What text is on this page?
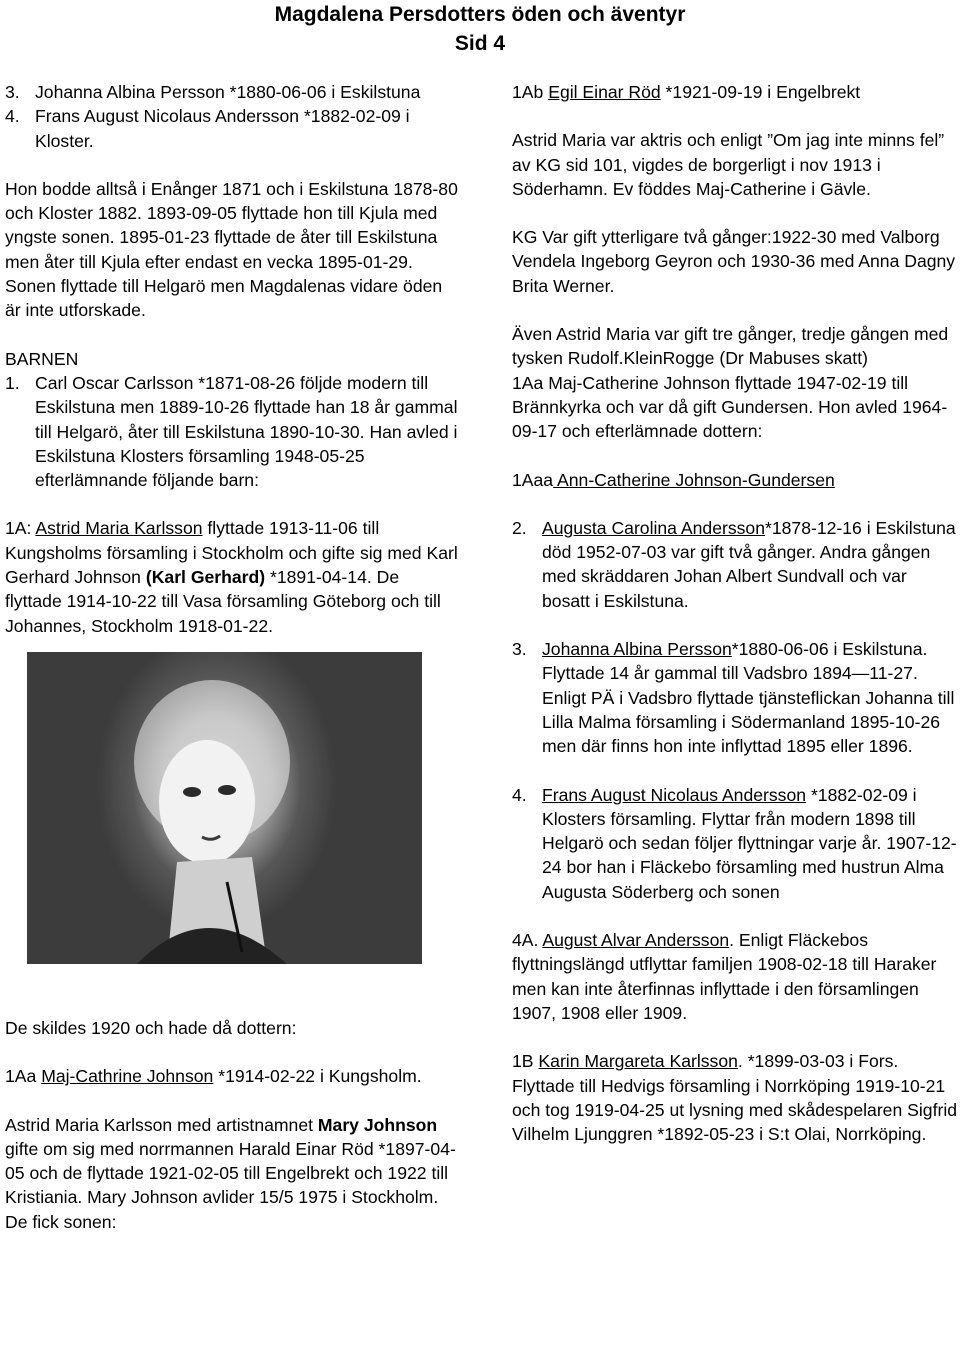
Magdalena Persdotters öden och äventyr
Sid 4

3. Johanna Albina Persson *1880-06-06 i Eskilstuna

4. Frans August Nicolaus Andersson *1882-02-09 i Kloster.

Hon bodde alltså i Enånger 1871 och i Eskilstuna 1878-80 och Kloster 1882. 1893-09-05 flyttade hon till Kjula med yngste sonen. 1895-01-23 flyttade de åter till Eskilstuna men åter till Kjula efter endast en vecka 1895-01-29. Sonen flyttade till Helgarö men Magdalenas vidare öden är inte utforskade.

BARNEN

1. Carl Oscar Carlsson *1871-08-26 följde modern till Eskilstuna men 1889-10-26 flyttade han 18 år gammal till Helgarö, åter till Eskilstuna 1890-10-30. Han avled i Eskilstuna Klosters församling 1948-05-25 efterlämnande följande barn:

1A: Astrid Maria Karlsson flyttade 1913-11-06 till Kungsholms församling i Stockholm och gifte sig med Karl Gerhard Johnson (Karl Gerhard) *1891-04-14. De flyttade 1914-10-22 till Vasa församling Göteborg och till Johannes, Stockholm 1918-01-22.

De skildes 1920 och hade då dottern:

1Aa Maj-Cathrine Johnson *1914-02-22 i Kungsholm.

Astrid Maria Karlsson med artistnamnet Mary Johnson gifte om sig med norrmannen Harald Einar Röd *1897-04-05 och de flyttade 1921-02-05 till Engelbrekt och 1922 till Kristiania. Mary Johnson avlider 15/5 1975 i Stockholm. De fick sonen:

1Ab Egil Einar Röd *1921-09-19 i Engelbrekt

Astrid Maria var aktris och enligt ”Om jag inte minns fel” av KG sid 101, vigdes de borgerligt i nov 1913 i Söderhamn. Ev föddes Maj-Catherine i Gävle.

KG Var gift ytterligare två gånger:1922-30 med Valborg Vendela Ingeborg Geyron och 1930-36 med Anna Dagny Brita Werner.

Även Astrid Maria var gift tre gånger, tredje gången med tysken Rudolf.KleinRogge (Dr Mabuses skatt)

1Aa Maj-Catherine Johnson flyttade 1947-02-19 till Brännkyrka och var då gift Gundersen. Hon avled 1964-09-17 och efterlämnade dottern:

1Aaa Ann-Catherine Johnson-Gundersen

2. Augusta Carolina Andersson*1878-12-16 i Eskilstuna död 1952-07-03 var gift två gånger. Andra gången med skräddaren Johan Albert Sundvall och var bosatt i Eskilstuna.

3. Johanna Albina Persson*1880-06-06 i Eskilstuna. Flyttade 14 år gammal till Vadsbro 1894—11-27. Enligt PÄ i Vadsbro flyttade tjänsteflickan Johanna till Lilla Malma församling i Södermanland 1895-10-26 men där finns hon inte inflyttad 1895 eller 1896.

4. Frans August Nicolaus Andersson *1882-02-09 i Klosters församling. Flyttar från modern 1898 till Helgarö och sedan följer flyttningar varje år. 1907-12-24 bor han i Fläckebo församling med hustrun Alma Augusta Söderberg och sonen

4A. August Alvar Andersson. Enligt Fläckebos flyttningslängd utflyttar familjen 1908-02-18 till Haraker men kan inte återfinnas inflyttade i den församlingen 1907, 1908 eller 1909.

1B Karin Margareta Karlsson. *1899-03-03 i Fors. Flyttade till Hedvigs församling i Norrköping 1919-10-21 och tog 1919-04-25 ut lysning med skådespelaren Sigfrid Vilhelm Ljunggren *1892-05-23 i S:t Olai, Norrköping.
